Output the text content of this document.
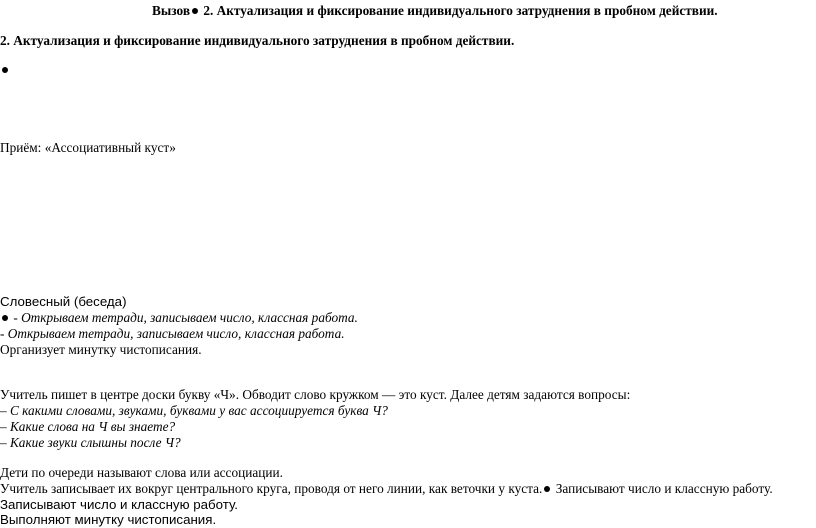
Вызов 2. Актуализация и фиксирование индивидуального затруднения в пробном действии.
2. Актуализация и фиксирование индивидуального затруднения в пробном действии.
Приём: «Ассоциативный куст»
Словесный (беседа)
- Открываем тетради, записываем число, классная работа.
- Открываем тетради, записываем число, классная работа.
Организует минутку чистописания.
Учитель пишет в центре доски букву «Ч». Обводит слово кружком — это куст. Далее детям задаются вопросы:
– С какими словами, звуками, буквами у вас ассоциируется буква Ч?
– Какие слова на Ч вы знаете?
– Какие звуки слышны после Ч?
Дети по очереди называют слова или ассоциации.
Учитель записывает их вокруг центрального круга, проводя от него линии, как веточки у куста. Записывают число и классную работу.
Записывают число и классную работу.
Выполняют минутку чистописания.
